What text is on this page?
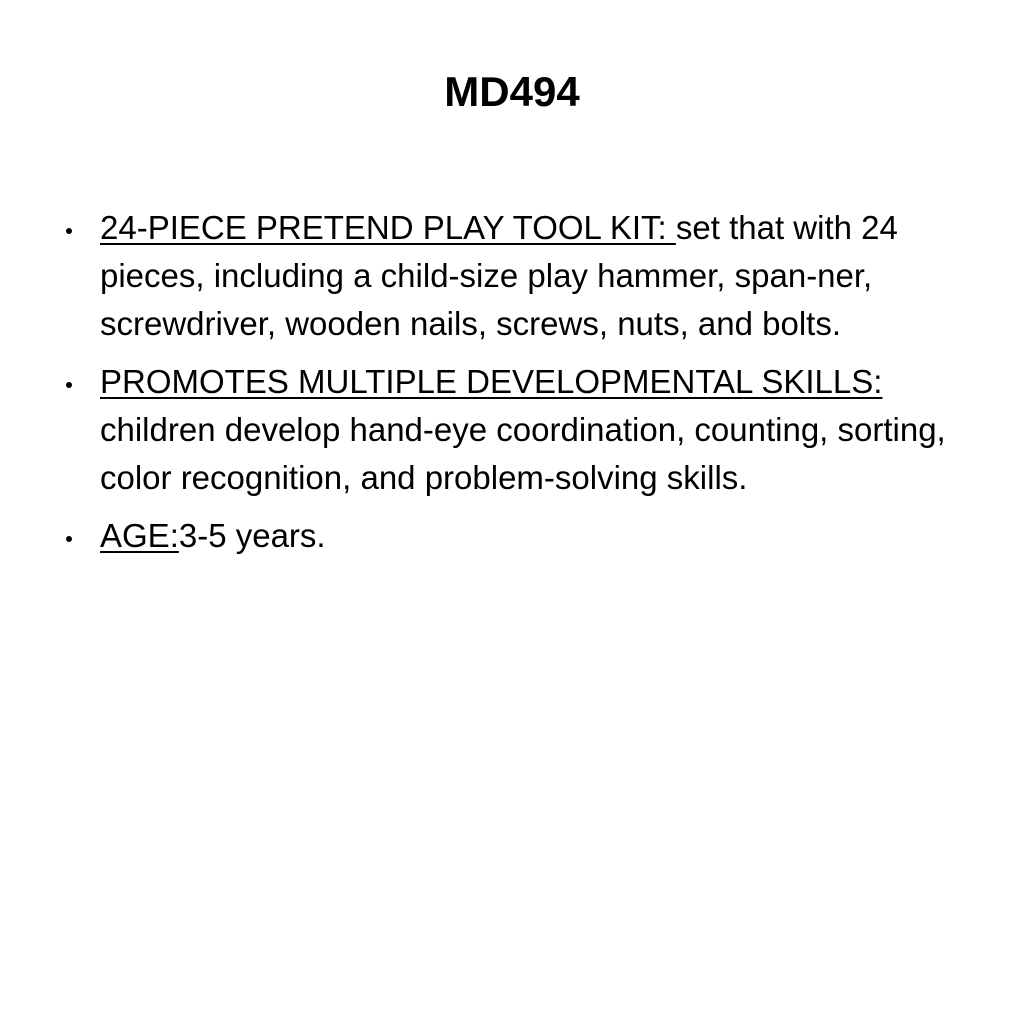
MD494
24-PIECE PRETEND PLAY TOOL KIT: set that with 24 pieces, including a child-size play hammer, span-ner, screwdriver, wooden nails, screws, nuts, and bolts.
PROMOTES MULTIPLE DEVELOPMENTAL SKILLS: children develop hand-eye coordination, counting, sorting, color recognition, and problem-solving skills.
AGE:3-5 years.
